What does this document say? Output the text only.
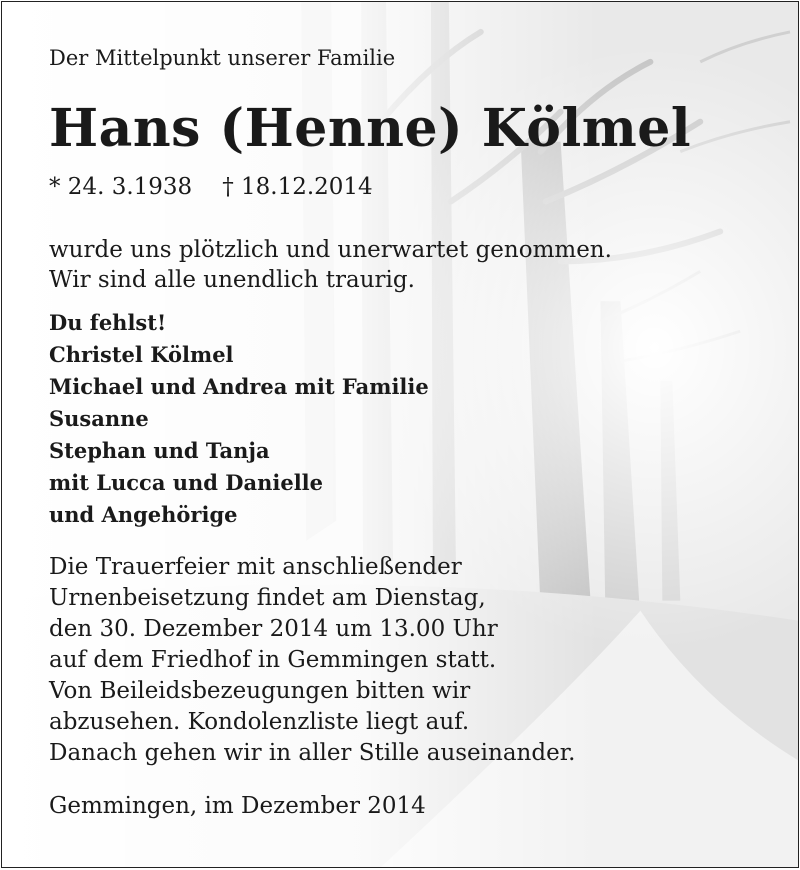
Der Mittelpunkt unserer Familie
Hans (Henne) Kölmel
* 24. 3.1938 † 18.12.2014
wurde uns plötzlich und unerwartet genommen.
Wir sind alle unendlich traurig.
Du fehlst!
Christel Kölmel
Michael und Andrea mit Familie
Susanne
Stephan und Tanja
mit Lucca und Danielle
und Angehörige
Die Trauerfeier mit anschließender
Urnenbeisetzung findet am Dienstag,
den 30. Dezember 2014 um 13.00 Uhr
auf dem Friedhof in Gemmingen statt.
Von Beileidsbezeugungen bitten wir
abzusehen. Kondolenzliste liegt auf.
Danach gehen wir in aller Stille auseinander.
Gemmingen, im Dezember 2014
